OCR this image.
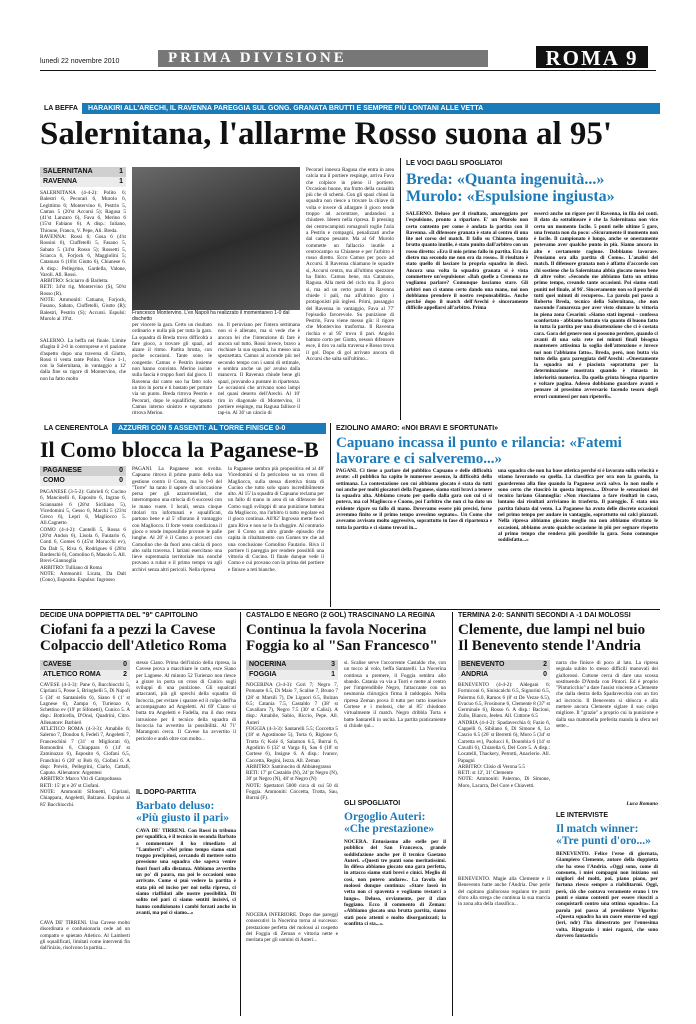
lunedì 22 novembre 2010	PRIMA DIVISIONE	ROMA 9
LA BEFFA HARAKIRI ALL'ARECHI, IL RAVENNA PAREGGIA SUL GONG. GRANATA BRUTTI E SEMPRE PIÙ LONTANI ALLE VETTA
Salernitana, l'allarme Rosso suona al 95'
SALERNITANA	1
RAVENNA	1
SALERNITANA (4-4-2): Polito 6; Balestri 6, Pecorari 6, Murolo 6, Legittimo 6; Montervino 6, Pestrin 5, Camus 5 (20'st Accursi 5); Ragusa 5 (41'st Lanzaro 6), Fava 6, Merino 6 (15'st Fabiano 6). A disp.: Iuliano, Thioune, Franco, V. Pepe, Ali. Breda.
RAVENNA: Rossi 6; Gosa 6 (4'st Rossini 6), Ciuffetelli 5, Fasano 5, Sabato 5 (34'st Rosso 5); Rossetti 5, Sciacca 6, Forjock 6, Maggiolini 5; Catanuso 6 (18'st Giutto 6), Chianese 6. A disp.: Pellegrino, Gardella, Valone, Varoli. All. Rossi.
ARBITRO: Sciciarro di Barletta.
RETI: 34'st rig. Montervino (S), 50'st Rosso (R).
NOTE: Ammoniti: Catuano, Forjock, Fasano, Sabato, Ciuffetelli, Giutto (R); Balestri, Pestrin (S); Accursi. Espulsi: Murolo al 19'st.
SALERNO. La beffa nel finale. Limite sfiagita il 2-0 in controprese e vi pazione d'aspetto dopo una traversa di Giutto, Rossi ti venta tante Polito. Vince 1-1, con la Salernitana, in vantaggio a 12' dalla fine su rigore di Montervino, che non ha fatto molto
Francesco Montervino. L'ex Napoli ha realizzato il momentaneo 1-0 dal dischetto
per vincere la gara. Certo un risultato ordinario e nulla più per tutta la gara. La squadra di Breda trova difficoltà a fare gioco, a trovare gli spazi, ad alzare il ritmo. Partita brutta, con poche occasioni. Tante sono le congestie. Camus e Pestrin insieme non hanno convinto. Merino isolato sulla fascia è troppo fuori dal gioco. Il Ravenna dal canto suo ha fatto solo un tiro in porta e ti bastato per portare via un punto. Breda ritrova Pestrin e Pecorari, dopo le squalifiche, sposta Camus interno sinistro e soprattutto ritrova Merino.
no. Il peruviano per l'intera settimana non si è allenato, ma si vede che è ancora lei che l'intenzione di fare è ancora sul tutto. Rossi invece, bravo a rischiare la sua squadra, ha messo una spezzettata. Camus ai accende più nel secondo tempo con i sanni di ottimale, e sembra anche un po' avulso dalla manovra. Il Ravenna chiude bene gli spazi, provando a puntare in ripartenza. Le occasioni che arrivano sono lampi nel quasi deserto dell'Arechi. Al 10' tiro in diagonale di Montervino, il portiere respinge, ma Ragusa fallisce il tap-in. Al 36' un cáncio di
Pecorari innesca Ragusa che entra in area calcia ma il portiere respinge, arriva Fava che colpisce in pieno il portiere. Occasioni buone, ma frutto della casualità più che di schemi. Con gli spazi chiusi la squadra non riesce a trovare la chiave di volta e invece di allargare il gioco tende troppo ad accentrare, andandosi a chiudere. Ideem nella ripresa. Il pressing dei centrocampisti romagnoli toglie l'aria a Pestrin e compagni, penalizzati anche dal campo pesante. Ma al 64' Murolo commette un fallaccio inutile a centrocampo su Chianese e per l'arbitro è rosso diretto. Ecco Camus per poco ad Accursi. Il Ravenna chiamano le squadre si, Accursi centra, ma all'ultimo spezzone ha finito. Camus bene, ma Catanuso, Ragusa. Alla metà del ciclo ma. Il gioco si, ma ad un certo punto il Ravenna chiede i pali, ma all'ultimo giro i protagonisti più inglesi. Primi, passaggio del Ravenna in vantaggio, Fava al 77' l'episodio favorevole. Su punizione di Pestrin, Fava viene messo giù: il rigore che Montervino trasforma. Il Ravenna rischia e al 95' trova il pari. Angolo battuto corto per Giutto, nessun difensore esce, il tiro va sulla traversa e Rosso trova il gol. Dopo di gol arrivato ancora di Accursi che salta sull'ultimo...
LE VOCI DAGLI SPOGLIATOI
Breda: «Quanta ingenuità...» Murolo: «Espulsione ingiusta»
SALERNO. Deluso per il risultato, amareggiato per l'espulsione, pronto a riparlare. E' un Murolo non certo contento per come è andata la partita con il Ravenna. «Il difensore granata è stato al centro di una lite nel corso del match. Il fallo su Chianese, tanto brutto quanto inutile, è stato punito dall'arbitro con un rosso diretto: «Era il mio primo fallo in partita. Era da dietro ma secondo me non era da rosso». Il risultato è stato quello di lasciare la propria squadra in dieci. Ancora una volta la squadra granata si è vista commettere un'espulsione: «Bah quelle a Cremona ne vogliamo parlare? Comunque lasciamo stare. Gli arbitri non ci stanno certo dando una mano, noi non dobbiamo prendere il nostro responsabilità». Anche perché dopo il match dell'Arechi è sinceramente difficile appellarsi all'arbitro. Prima
esserci anche un rigore per il Ravenna, in fila dei conti. Il dato da sottolineare è che la Salernitana non vice certo un momento facile. 5 punti nelle ultime 5 gare, una frenata non da poco: «Sicuramente il momento non è facile. Il campionato è lungo, anche se onestamente potevamo aver qualche punto in più. Siamo ancora in alto e certamente ragione. Dobbiamo lavorare. Pensiamo ora alla partita di Como». L'analisi del match. Il difensore granata non è affatto d'accordo con chi sostiene che la Salernitana abbia giocato meno bene di altre volte: «Secondo me abbiamo fatto un ottimo primo tempo, creando tante occasioni. Poi siamo stati puniti nel finale, al 96'. Sinceramente non so il perché di tutti quei minuti di recupero». La parola poi passa a Roberto Breda, tecnico della Salernitana, che non nasconde l'amarezza per aver visto sfumare la vittoria in piena zona Cesarini: «Siamo stati ingenui - confessa sconfortato - abbiamo buttato via quanto di buono fatto in tutta la partita per una disattenzione che ci è costata cara. Gara del genere non si possono perdere, quando ci avanti di una sola rete nei minuti finali bisogna mantenere attissima la soglia dell'attenzione e invece noi non l'abbiamo fatto». Breda, però, non butta via tutto della gara pareggiata dell'Arechi: «Onestamente la squadra mi è piaciuta soprattutto per la determinazione mostrata quando è rimasta in inferiorità numerica. Da quella grinta bisogna ripartire e voltare pagina. Adesso dobbiamo guardare avanti e pensare al prossimo avversario facendo tesoro degli errori commessi per non ripeterli».
LA CENERENTOLA AZZURRI CON 5 ASSENTI: AL TORRE FINISCE 0-0
Il Como blocca la Paganese-B
PAGANESE	0
COMO	0
PAGANESE (3-5-2): Gabrieli 6; Cucino 6, Mancinelli 6, Esposito 6, Ingrao 6, Sciannamè 6 (28'st Siciliano 5), Vicedomini 5, Gesso 6, Marchi 5 (23'st Greco 6), Lepri 6, Magliocco 5. All.Cagnetto
COMO (4-4-2): Cantelli 5, Rossa 6 (20'st Andon 6), Lisola 6, Fautario 6, Conti 6, Gomes 6 (45'st Moracchi ev), Da Dalt 5, Riva 6, Rodrigues 6 (28'st Bardeschi 6), Comolino 6, Masolo 5. All. Brevi-Giannoglia
ARBITRO: Tulliano di Roma
NOTE: Ammoniti: Licata, Da Dalt (Cono), Esposito. Espulso: Ingrosso
PAGANI. La Paganese non svolta. Capuano ritrova il primo punto della sua gestione contro il Como, ma lo 0-0 del "Torre" ha tanto il sapore di un'occasione persa per gli azzurrostellati, che interrompono una striscia di 6 successi con le mano vuote. I locali, senza cinque titolari tra infortunati e squalificati, partono bene e al 5' sfiorano il vantaggio con Magliocco. Il forte vento condiziona il gioco e rende impossibile provare le palle lunghe. Al 20' è il Como a provarci con Comolino che da fuori area calcia di poco alto sulla traversa. I lariani esercitano una lieve supremazia territoriale ma nonché provano a rubar e il primo tempo va agli archivi senza altri pericoli. Nella ripresa
la Paganese sembra più propositiva ed al 48' Vicedomini si fa pericoloso su un cross di Magliocco, sulla stessa direttiva tirata di Cucino che tutto solo sparo incredibilmente alto. Al 15' la squadra di Capuano reclama per un fallo di mano in area di un difensore del Como sugli sviluppi di una punizione battuta da Magliocco, ma l'arbitro ti tutto regolare ed il gioco continua. All'82' Ingrosso mette fuori gara Riva e non se lo fa sfuggire. Al contrario per il Como un altro grande episodio che capita in ribaltamento con Gomes tre che ad una conclusione Comolino Fautario. Riva il portiere li pareggia per rendere possibili una vittoria di Cucino. Il finale dunque vede il Como e cui provano con la prima del portiere e finisce a reti bianche.
EZIOLINO AMARO: «NOI BRAVI E SFORTUNATI»
Capuano incassa il punto e rilancia: «Fatemi lavorare e ci salveremo...»
PAGANI. Ci tiene a parlare del pubblico Capuano e delle difficoltà avute: «Il pubblico ha capito le numerose assenze, la difficoltà della settimana. La contestazione con cui abbiamo giocato è stata da tutti noi anche per molti giocatori della Paganese, siamo stati bravi a tenere la squadra alta. Abbiamo creato per quello dalla gara con cui ci si poteva, ma col Magliocco e Cuono, poi l'arbitro che non ci ha dato un evidente rigore su fallo di mano. Dovevamo essere più precisi, forse avremmo finito se il primo tempo avessimo segnato». Un Como che avevamo avvisato molto aggressivo, soprattutto in fase di ripartenza e tutta la partita e ci siamo trovati in...
una squadra che non ha base atletica perché si è lavorato sulla velocità e stiamo lavorando su quella. La classifica per ora non la guardo, la guarderemo alla fine quando la Paganese avrà salvo. Io non mollo e sono certo che riuscirò in questa impresa.... Divorse le sensazioni del tecnico lariano Giannoglia: «Non riusciamo a fare risultati in casa, lontano dai risultati arriviamo in trasferta. Il pareggio. È stata una partita falsata dal vento. La Paganese ha avuto delle discrete occasioni nel primo tempo per andare in vantaggio, soprattutto sui calci piazzati. Nella ripresa abbiamo giocato meglio ma non abbiamo sfruttato le occasioni, abbiamo avuto qualche occasione in più per segnare rispetto al primo tempo che rendeva più possibile la gara. Sono comunque soddisfatto...»
DECIDE UNA DOPPIETTA DEL "9" CAPITOLINO
Ciofani fa a pezzi la Cavese Colpaccio dell'Atletico Roma
CAVESE	0
ATLETICO ROMA	2
CAVESE (4-3-3): Pane 6, Bacchiocchi 5, Cipriani 5, Posse 5, Bringhelli 5, Di Napoli 5 (34' st Santaniello 6), Siano 6 (1' st Lagnese 6), Zampa 6, Turienzo 6, Schettino ev (19' pt Sifonetti), Cunico 5. A disp.: Botticella, D'Onsi, Quadrini, Citro. Allenatore: Barbieri
ATLETICO ROMA (4-3-3): Amabile 6; Salerno 7, Doudou 6, Fedeli 7, Angeletti 7, Franceschini 7 (31' st Migliorati 6), Romondini 6, Chiappara 6 (14' st Zaminuzzo 6), Esposito 6, Ciofani 6,5, Franchini 6 (20' st Bob 6), Ciofani 6. A disp: Previti, Pellegrini, Ciarlo, Cattafi, Caputo. Allenatore: Argentesi
ARBITRO: Marco Viti di Campobasso.
RETI: 15' pt e 26' st Ciofani.
NOTE: Ammoniti Sifonetti, Cipriani, Chiappara, Angeletti, Balzano. Espulso al 85' Bacchiocchi.
CAVA DE' TIRRENI. Una Cavese molto disordinata e confusionaria cede ad un compatto e spietato Atletico. Al Lamberti gli squalificati, limitati come interventi fin dall'inizio, risolvono la partita...
stesso Ciano. Prima dell'inizio della ripresa, la Cavese prova a macchiare le carte, esce Siano per Lagnese. Al minuto 52 Turienzo non riesce a girare in porta un cross di Cunico sugli sviluppi di una punizione. Gli squalcati attaccanti, più gli sprechi della squadra di Incoccia, per evitare i sparare ed il colpo dell'ha accompagnato ad Angeletti. Al 69' Ciano si butta tra Angeletti e Fadella, ma il duo resta intrusione per il tecnico della squadra di Incoccia ha avvertito la possibilità. Al 71' Marangoni cerca. Il Cavese ha avvertito il pericolo e andò oltre con molto...
IL DOPO-PARTITA
Barbato deluso: «Più giusto il pari»
CAVA DE' TIRRENI. Con Rossi in tribuna per squalifica, è il tecnico in seconda Barbato a commentare il ko rimediato al "Lamberti": «Nel primo tempo siamo stati troppo precipitosi, cercando di mettere sotto pressione una squadra che sapeva venire fuori fuori alla distanza. Abbiamo avvertito un po' di paura, ma poi le occasioni sono arrivate. Come si può vedere la partita è stata più ed inciso per noi nella ripresa, ci siamo riaffidati alle nostre possibilità. Di solito nel pari ci siamo sentiti incisivi, ci hanno condizionato i cambi forzati anche in avanti, ma poi ci siamo...»
CASTALDO E NEGRO (2 GOL) TRASCINANO LA REGINA
Continua la favola Nocerina Foggia ko al "San Francesco"
NOCERINA	3
FOGGIA	1
NOCERINA (3-4-3): Gori 7; Negro 7, Pomante 6.5, Di Maio 7, Scalise 7, Bruno 7 (28' st Marsili 7), De Liguori 6.5, Bolzan 6.5; Catania 7.5, Castaldo 7 (38' st Cavallaro 7), Negro 7.5 (30' st Calisi). A disp.: Amabile, Sabio, Riccio, Pepe. All. Auteri
FOGGIA (4-3-3): Santarelli 5.5; Coccetta 5 (18' st Agostinone 5), Torta 6, Rigione 6, Trotta 6; Kolé 6, Salamon 6.5, Burrai 6, Agodirin 6 (32' st Varga 6), Sau 6 (18' st Cortese 6), Insigne 6. A disp.: Ivanov, Caccetta, Regini, Iezza. All. Zeman
ARBITRO: Santinocito di Abbiategrasso
RETI: 17' pt Castaldo (N), 24' pt Negro (N), 30' pt Negro (N), 48' st Negro (N)
NOTE: Spettatori 5000 circa di cui 50 di Foggia. Ammoniti: Coccetta, Trotta, Sau, Burrai (F).
NOCERA INFERIORE. Dopo due pareggi consecutivi la Nocerina torna al successo: prestazione perfetta del molossi al cospetto del Foggia di Zeman e vittoria nette e meritata per gli uomini di Auteri...
si. Scalise serve l'accorrente Castaldo che, con un tocco al volo, beffa Santarelli. La Nocerina continua a premere, il Foggia sembra allo sbando. Catania va via a Torri e mette al centro per l'imprendibile Negro, l'attaccante con un neumonia chirurgico firma il raddoppio. Nella ripresa Zeman prova il tutto per tutto inserisce Cortese e i molossi, che al 85' chiudono virtualmente il match. Negro dribbla Torta e batte Santarelli in uscita. La partita praticamente si chiude qui...
GLI SPOGLIATOI
Orgoglio Auteri: «Che prestazione»
NOCERA. Entusiasmo alle stelle per il pubblico del San Francesco, grande soddisfazione anche per il tecnico Gaetano Auteri. «Questi tre punti sono meritatissimi. In difesa abbiamo giocato una gara perfetta, in attacco siamo stati brevi e cinici. Meglio di così, non potevo andare». La favola dei molossi dunque continua: «Stare lassù in vetta non ci spaventa e vogliamo restarci a lungo». Deluso, ovviamente, per il clan foggiano. Ecco il commento di Zeman: «Abbiamo giocato una brutta partita, siamo stati poco attenti e molto disorganizzati; la sconfitta ci sta...».
TERMINA 2-0: SANNITI SECONDI A -1 DAI MOLOSSI
Clemente, due lampi nel buio Il Benevento stende l'Andria
BENEVENTO	2
ANDRIA	0
BENEVENTO (4-4-2): Aldegani 6; Formiconi 6, Sinisicalchi 6.5, Signorini 6.5, Palermo 6.0, Ramos 6 (8' st De Vezze 6.5), Evacuo 6.5, Frosinone 6, Clemente 8 (37' st Germinale 6), Rosso 6. A disp.: Bacioni, Zullo, Bianco, Jeelen. All. Cuttone 6.5
ANDRIA (4-4-2): Spadavecchia 6; Fazio 6, Cappelli 6, Sibilano 6, Di Simone 6, Lo Cascio 6.5 (26' st Berretti 6), Moro 5 (34' st Carretta ev), Paolucci 6, Doumbia 6 (14' st Cavalli 6), Chiarella 6, Del Core 5. A disp.: Locatelli, Thackery, Petrotti, Anaclerio. All. Papagni
ARBITRO: Clisio di Verona 5.5
RETI: st 12', 31' Clemente
NOTE: Ammoniti: Palermo, Di Simone, Moro, Lacarra, Del Core e Chiavetti.
BENEVENTO. Magie alla Clemente e il Benevento batte anche l'Andria. Due perle del capitano giallorosso regalano tre punti d'oro alla strega che continua la sua marcia in zona alta della classifica...
narra che finisce di poco al lato. La ripresa segnala subito lo stesso difficili manovali dei giallorossi. Cuttone cerca di dare una scossa sostituendo D'Amda con Pintori. Ed è proprio "Pinturicchio" a dare l'assist vincente a Clemente che dalla destra della Spadavecchia con un tiro ad incrocio. Il Benevento si sblocca e alla mettere ancora Clemente siglare il suo colpo migliore. Il "grazie" a proprio cui la punizione e dalla sua mattonella preferita manda la sfera nel sette...
Luca Romano
LE INTERVISTE
Il match winner: «Tre punti d'oro...»
BENEVENTO. Felice l'eroe di giornata, Giampiero Clemente, autore della doppietta che ha steso l'Andria. «Oggi sono, come di consueto, i miei compagni non iniziano sui migliori del molti, poi, piano piano, per fortuna riesco sempre a riabilitarmi. Oggi, però, ciò che contava veramente erano i tre punti e siamo contenti per essere riusciti a conquistarli contro una ottima squadra». La parola poi passa al presidente Vigorito: «Questa squadra ha un cuore enorme ed oggi (ieri, ndr) l'ha dimostrato per l'ennesima volta. Ringrazio i miei ragazzi, che sono davvero fantastici»
